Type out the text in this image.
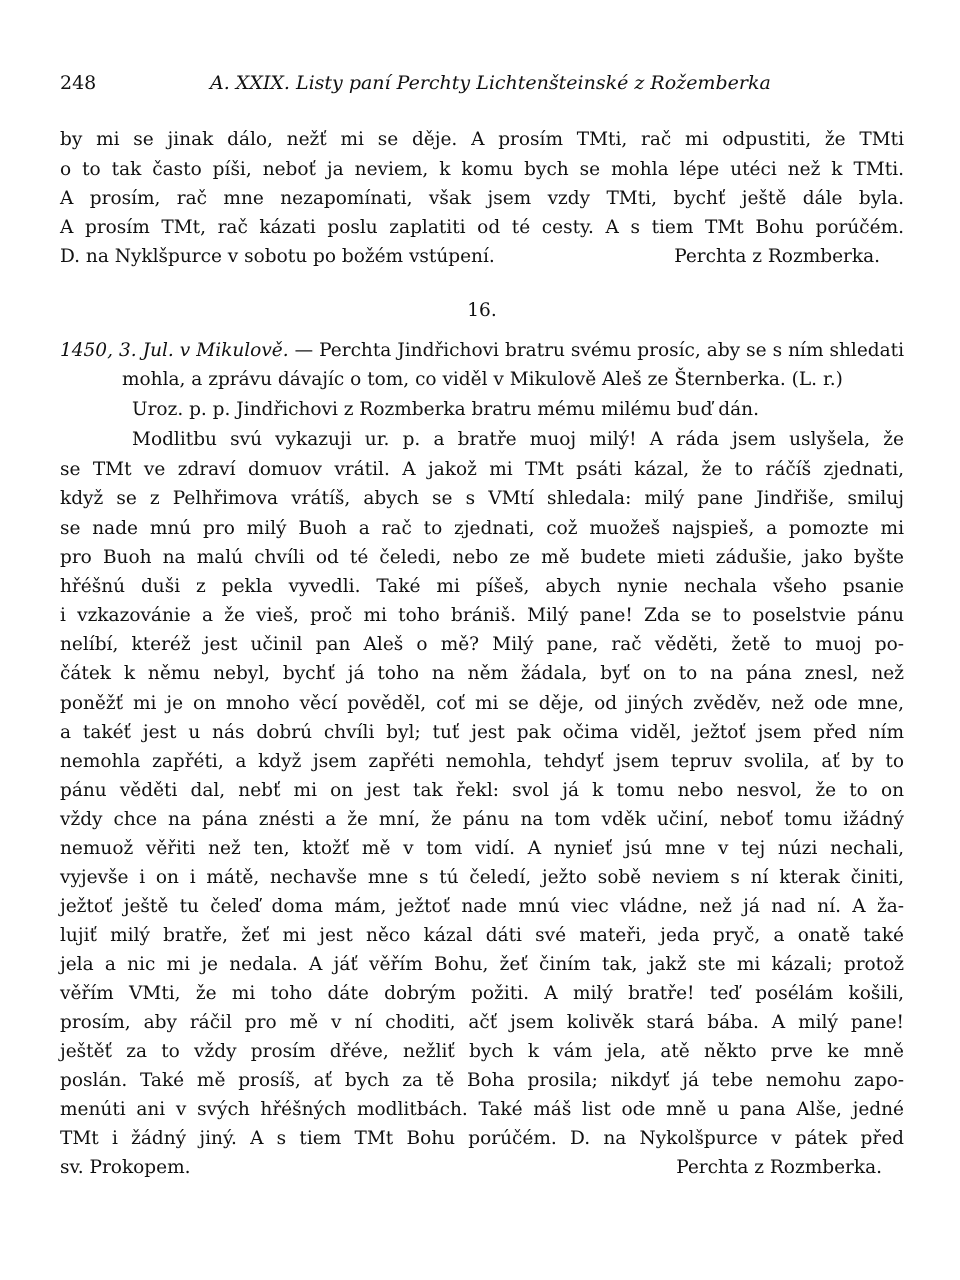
248	A. XXIX. Listy paní Perchty Lichtenšteinské z Rožemberka
by mi se jinak dálo, nežť mi se děje. A prosím TMti, rač mi odpustiti, že TMti
o to tak často píši, neboť ja neviem, k komu bych se mohla lépe utéci než k TMti.
A prosím, rač mne nezapomínati, však jsem vzdy TMti, bychť ještě dále byla.
A prosím TMt, rač kázati poslu zaplatiti od té cesty. A s tiem TMt Bohu porúčém.
D. na Nyklšpurce v sobotu po božém vstúpení.	Perchta z Rozmberka.
16.
1450, 3. Jul. v Mikulově. — Perchta Jindřichovi bratru svému prosíc, aby se s ním shledati
mohla, a zprávu dávajíc o tom, co viděl v Mikulově Aleš ze Šternberka. (L. r.)
Uroz. p. p. Jindřichovi z Rozmberka bratru mému milému buď dán.
Modlitbu svú vykazuji ur. p. a bratře muoj milý! A ráda jsem uslyšela, že
se TMt ve zdraví domuov vrátil. A jakož mi TMt psáti kázal, že to ráčíš zjednati,
když se z Pelhřimova vrátíš, abych se s VMtí shledala: milý pane Jindřiše, smiluj
se nade mnú pro milý Buoh a rač to zjednati, což muožeš najspieš, a pomozte mi
pro Buoh na malú chvíli od té čeledi, nebo ze mě budete mieti zádušie, jako byšte
hřéšnú duši z pekla vyvedli. Také mi píšeš, abych nynie nechala všeho psanie
i vzkazovánie a že vieš, proč mi toho brániš. Milý pane! Zda se to poselstvie pánu
nelíbí, kteréž jest učinil pan Aleš o mě? Milý pane, rač věděti, žetě to muoj po-
čátek k němu nebyl, bychť já toho na něm žádala, byť on to na pána znesl, než
poněžť mi je on mnoho věcí pověděl, coť mi se děje, od jiných zvěděv, než ode mne,
a takéť jest u nás dobrú chvíli byl; tuť jest pak očima viděl, ježtoť jsem před ním
nemohla zapřéti, a když jsem zapřéti nemohla, tehdyť jsem tepruv svolila, ať by to
pánu věděti dal, nebť mi on jest tak řekl: svol já k tomu nebo nesvol, že to on
vždy chce na pána znésti a že mní, že pánu na tom vděk učiní, neboť tomu ižádný
nemuož věřiti než ten, ktožť mě v tom vidí. A nynieť jsú mne v tej núzi nechali,
vyjevše i on i mátě, nechavše mne s tú čeledí, ježto sobě neviem s ní kterak činiti,
ježtoť ještě tu čeleď doma mám, ježtoť nade mnú viec vládne, než já nad ní. A ža-
lujiť milý bratře, žeť mi jest něco kázal dáti své mateři, jeda pryč, a onatě také
jela a nic mi je nedala. A jáť věřím Bohu, žeť činím tak, jakž ste mi kázali; protož
věřím VMti, že mi toho dáte dobrým požiti. A milý bratře! teď posélám košili,
prosím, aby ráčil pro mě v ní choditi, ačť jsem kolivěk stará bába. A milý pane!
ještěť za to vždy prosím dřéve, nežliť bych k vám jela, atě někto prve ke mně
poslán. Také mě prosíš, ať bych za tě Boha prosila; nikdyť já tebe nemohu zapo-
menúti ani v svých hřéšných modlitbách. Také máš list ode mně u pana Alše, jedné
TMt i žádný jiný. A s tiem TMt Bohu porúčém. D. na Nykolšpurce v pátek před
sv. Prokopem.	Perchta z Rozmberka.
